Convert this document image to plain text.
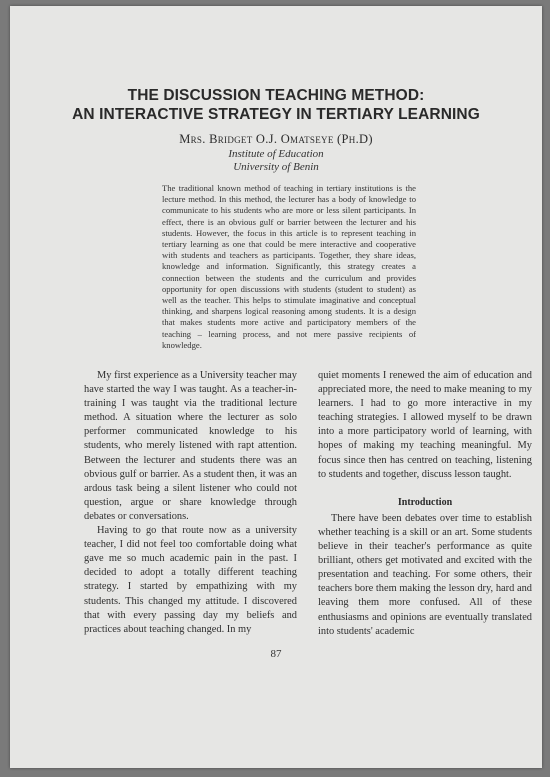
THE DISCUSSION TEACHING METHOD:
AN INTERACTIVE STRATEGY IN TERTIARY LEARNING
Mrs. Bridget O.J. Omatseye (Ph.D)
Institute of Education
University of Benin
The traditional known method of teaching in tertiary institutions is the lecture method. In this method, the lecturer has a body of knowledge to communicate to his students who are more or less silent participants. In effect, there is an obvious gulf or barrier between the lecturer and his students. However, the focus in this article is to represent teaching in tertiary learning as one that could be mere interactive and cooperative with students and teachers as participants. Together, they share ideas, knowledge and information. Significantly, this strategy creates a connection between the students and the curriculum and provides opportunity for open discussions with students (student to student) as well as the teacher. This helps to stimulate imaginative and conceptual thinking, and sharpens logical reasoning among students. It is a design that makes students more active and participatory members of the teaching – learning process, and not mere passive recipients of knowledge.

My first experience as a University teacher may have started the way I was taught. As a teacher-in-training I was taught via the traditional lecture method. A situation where the lecturer as solo performer communicated knowledge to his students, who merely listened with rapt attention. Between the lecturer and students there was an obvious gulf or barrier. As a student then, it was an ardous task being a silent listener who could not question, argue or share knowledge through debates or conversations.

Having to go that route now as a university teacher, I did not feel too comfortable doing what gave me so much academic pain in the past. I decided to adopt a totally different teaching strategy. I started by empathizing with my students. This changed my attitude. I discovered that with every passing day my beliefs and practices about teaching changed. In my

quiet moments I renewed the aim of education and appreciated more, the need to make meaning to my learners. I had to go more interactive in my teaching strategies. I allowed myself to be drawn into a more participatory world of learning, with hopes of making my teaching meaningful. My focus since then has centred on teaching, listening to students and together, discuss lesson taught.

Introduction

There have been debates over time to establish whether teaching is a skill or an art. Some students believe in their teacher's performance as quite brilliant, others get motivated and excited with the presentation and teaching. For some others, their teachers bore them making the lesson dry, hard and leaving them more confused. All of these enthusiasms and opinions are eventually translated into students' academic

87
